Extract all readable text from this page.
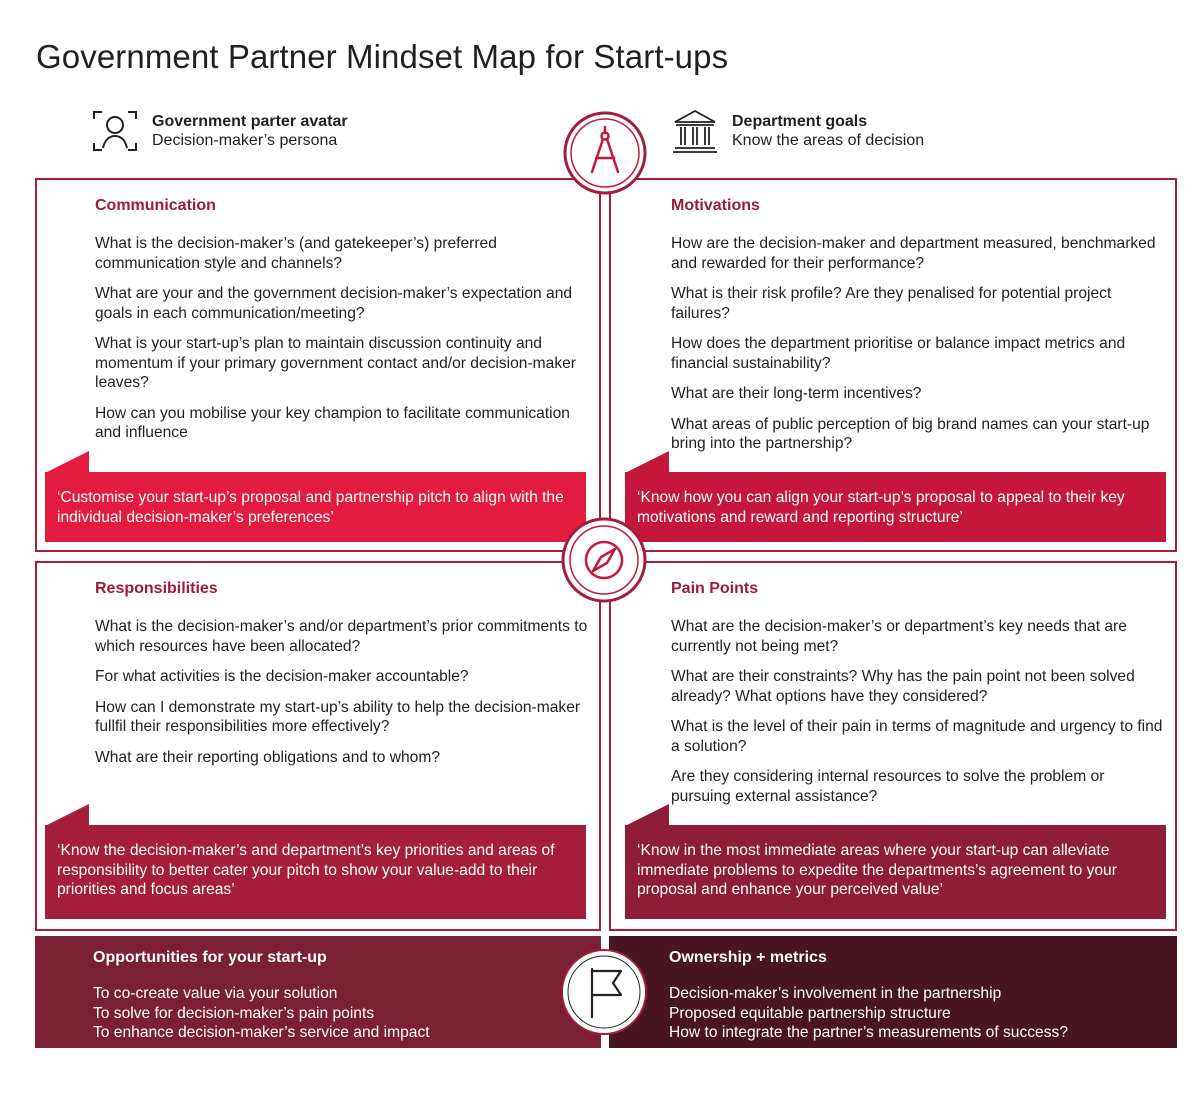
Government Partner Mindset Map for Start-ups
Government parter avatar
Decision-maker’s persona
Department goals
Know the areas of decision
Communication
What is the decision-maker’s (and gatekeeper’s) preferred communication style and channels?
What are your and the government decision-maker’s expectation and goals in each communication/meeting?
What is your start-up’s plan to maintain discussion continuity and momentum if your primary government contact and/or decision-maker leaves?
How can you mobilise your key champion to facilitate communication and influence
‘Customise your start-up’s proposal and partnership pitch to align with the individual decision-maker’s preferences’
Motivations
How are the decision-maker and department measured, benchmarked and rewarded for their performance?
What is their risk profile? Are they penalised for potential project failures?
How does the department prioritise or balance impact metrics and financial sustainability?
What are their long-term incentives?
What areas of public perception of big brand names can your start-up bring into the partnership?
‘Know how you can align your start-up’s proposal to appeal to their key motivations and reward and reporting structure’
Responsibilities
What is the decision-maker’s and/or department’s prior commitments to which resources have been allocated?
For what activities is the decision-maker accountable?
How can I demonstrate my start-up’s ability to help the decision-maker fullfil their responsibilities more effectively?
What are their reporting obligations and to whom?
‘Know the decision-maker’s and department’s key priorities and areas of responsibility to better cater your pitch to show your value-add to their priorities and focus areas’
Pain Points
What are the decision-maker’s or department’s key needs that are currently not being met?
What are their constraints? Why has the pain point not been solved already? What options have they considered?
What is the level of their pain in terms of magnitude and urgency to find a solution?
Are they considering internal resources to solve the problem or pursuing external assistance?
‘Know in the most immediate areas where your start-up can alleviate immediate problems to expedite the departments’s agreement to your proposal and enhance your perceived value’
Opportunities for your start-up
To co-create value via your solution
To solve for decision-maker’s pain points
To enhance decision-maker’s service and impact
Ownership + metrics
Decision-maker’s involvement in the partnership
Proposed equitable partnership structure
How to integrate the partner’s measurements of success?
